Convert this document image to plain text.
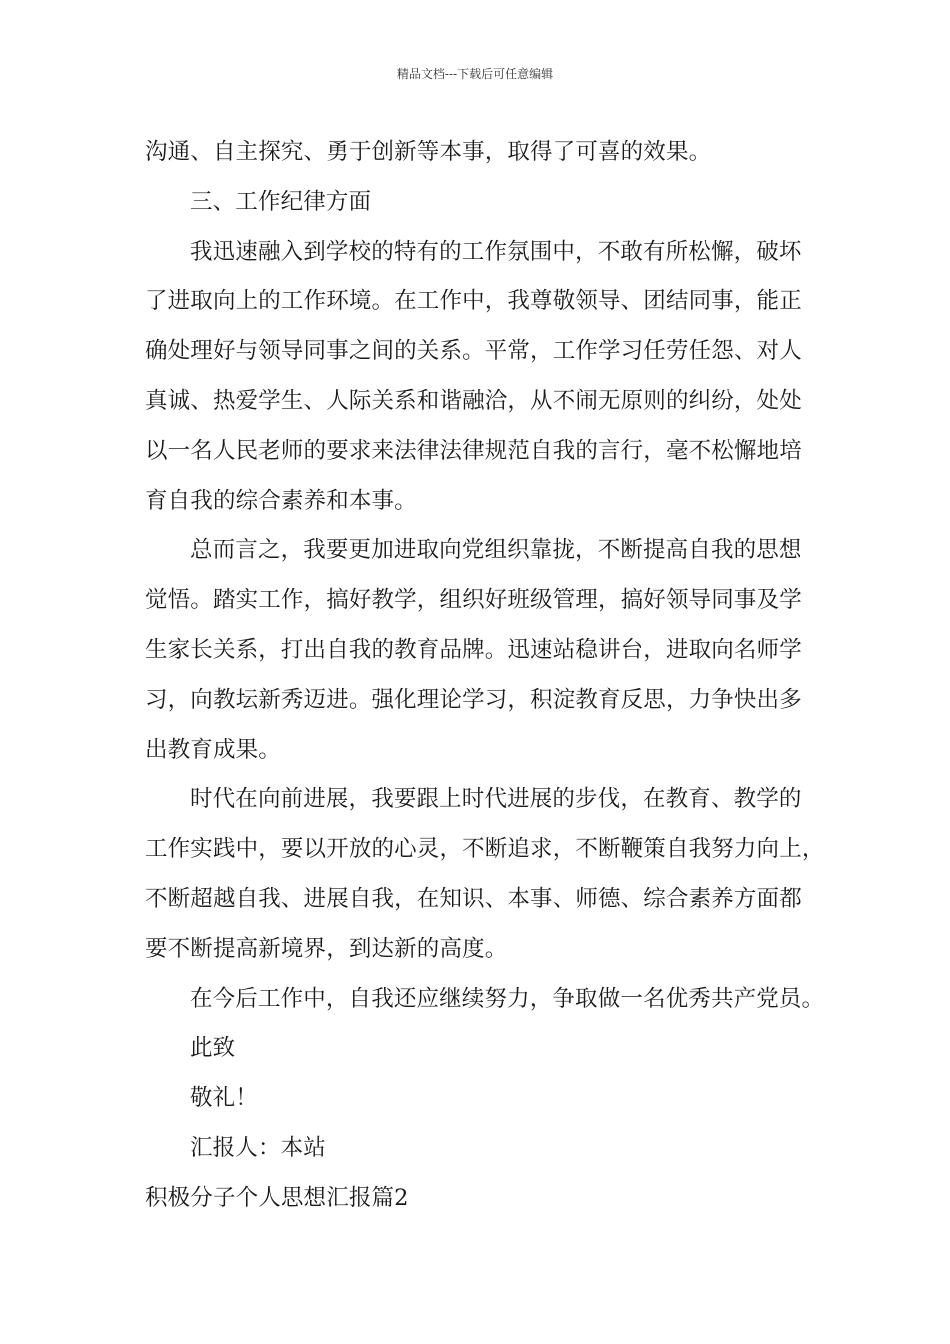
精品文档---下载后可任意编辑
沟通、自主探究、勇于创新等本事，取得了可喜的效果。
三、工作纪律方面
我迅速融入到学校的特有的工作氛围中，不敢有所松懈，破坏
了进取向上的工作环境。在工作中，我尊敬领导、团结同事，能正
确处理好与领导同事之间的关系。平常，工作学习任劳任怨、对人
真诚、热爱学生、人际关系和谐融洽，从不闹无原则的纠纷，处处
以一名人民老师的要求来法律法律规范自我的言行，毫不松懈地培
育自我的综合素养和本事。
总而言之，我要更加进取向党组织靠拢，不断提高自我的思想
觉悟。踏实工作，搞好教学，组织好班级管理，搞好领导同事及学
生家长关系，打出自我的教育品牌。迅速站稳讲台，进取向名师学
习，向教坛新秀迈进。强化理论学习，积淀教育反思，力争快出多
出教育成果。
时代在向前进展，我要跟上时代进展的步伐，在教育、教学的
工作实践中，要以开放的心灵，不断追求，不断鞭策自我努力向上，
不断超越自我、进展自我，在知识、本事、师德、综合素养方面都
要不断提高新境界，到达新的高度。
在今后工作中，自我还应继续努力，争取做一名优秀共产党员。
此致
敬礼！
汇报人：本站
积极分子个人思想汇报篇2
